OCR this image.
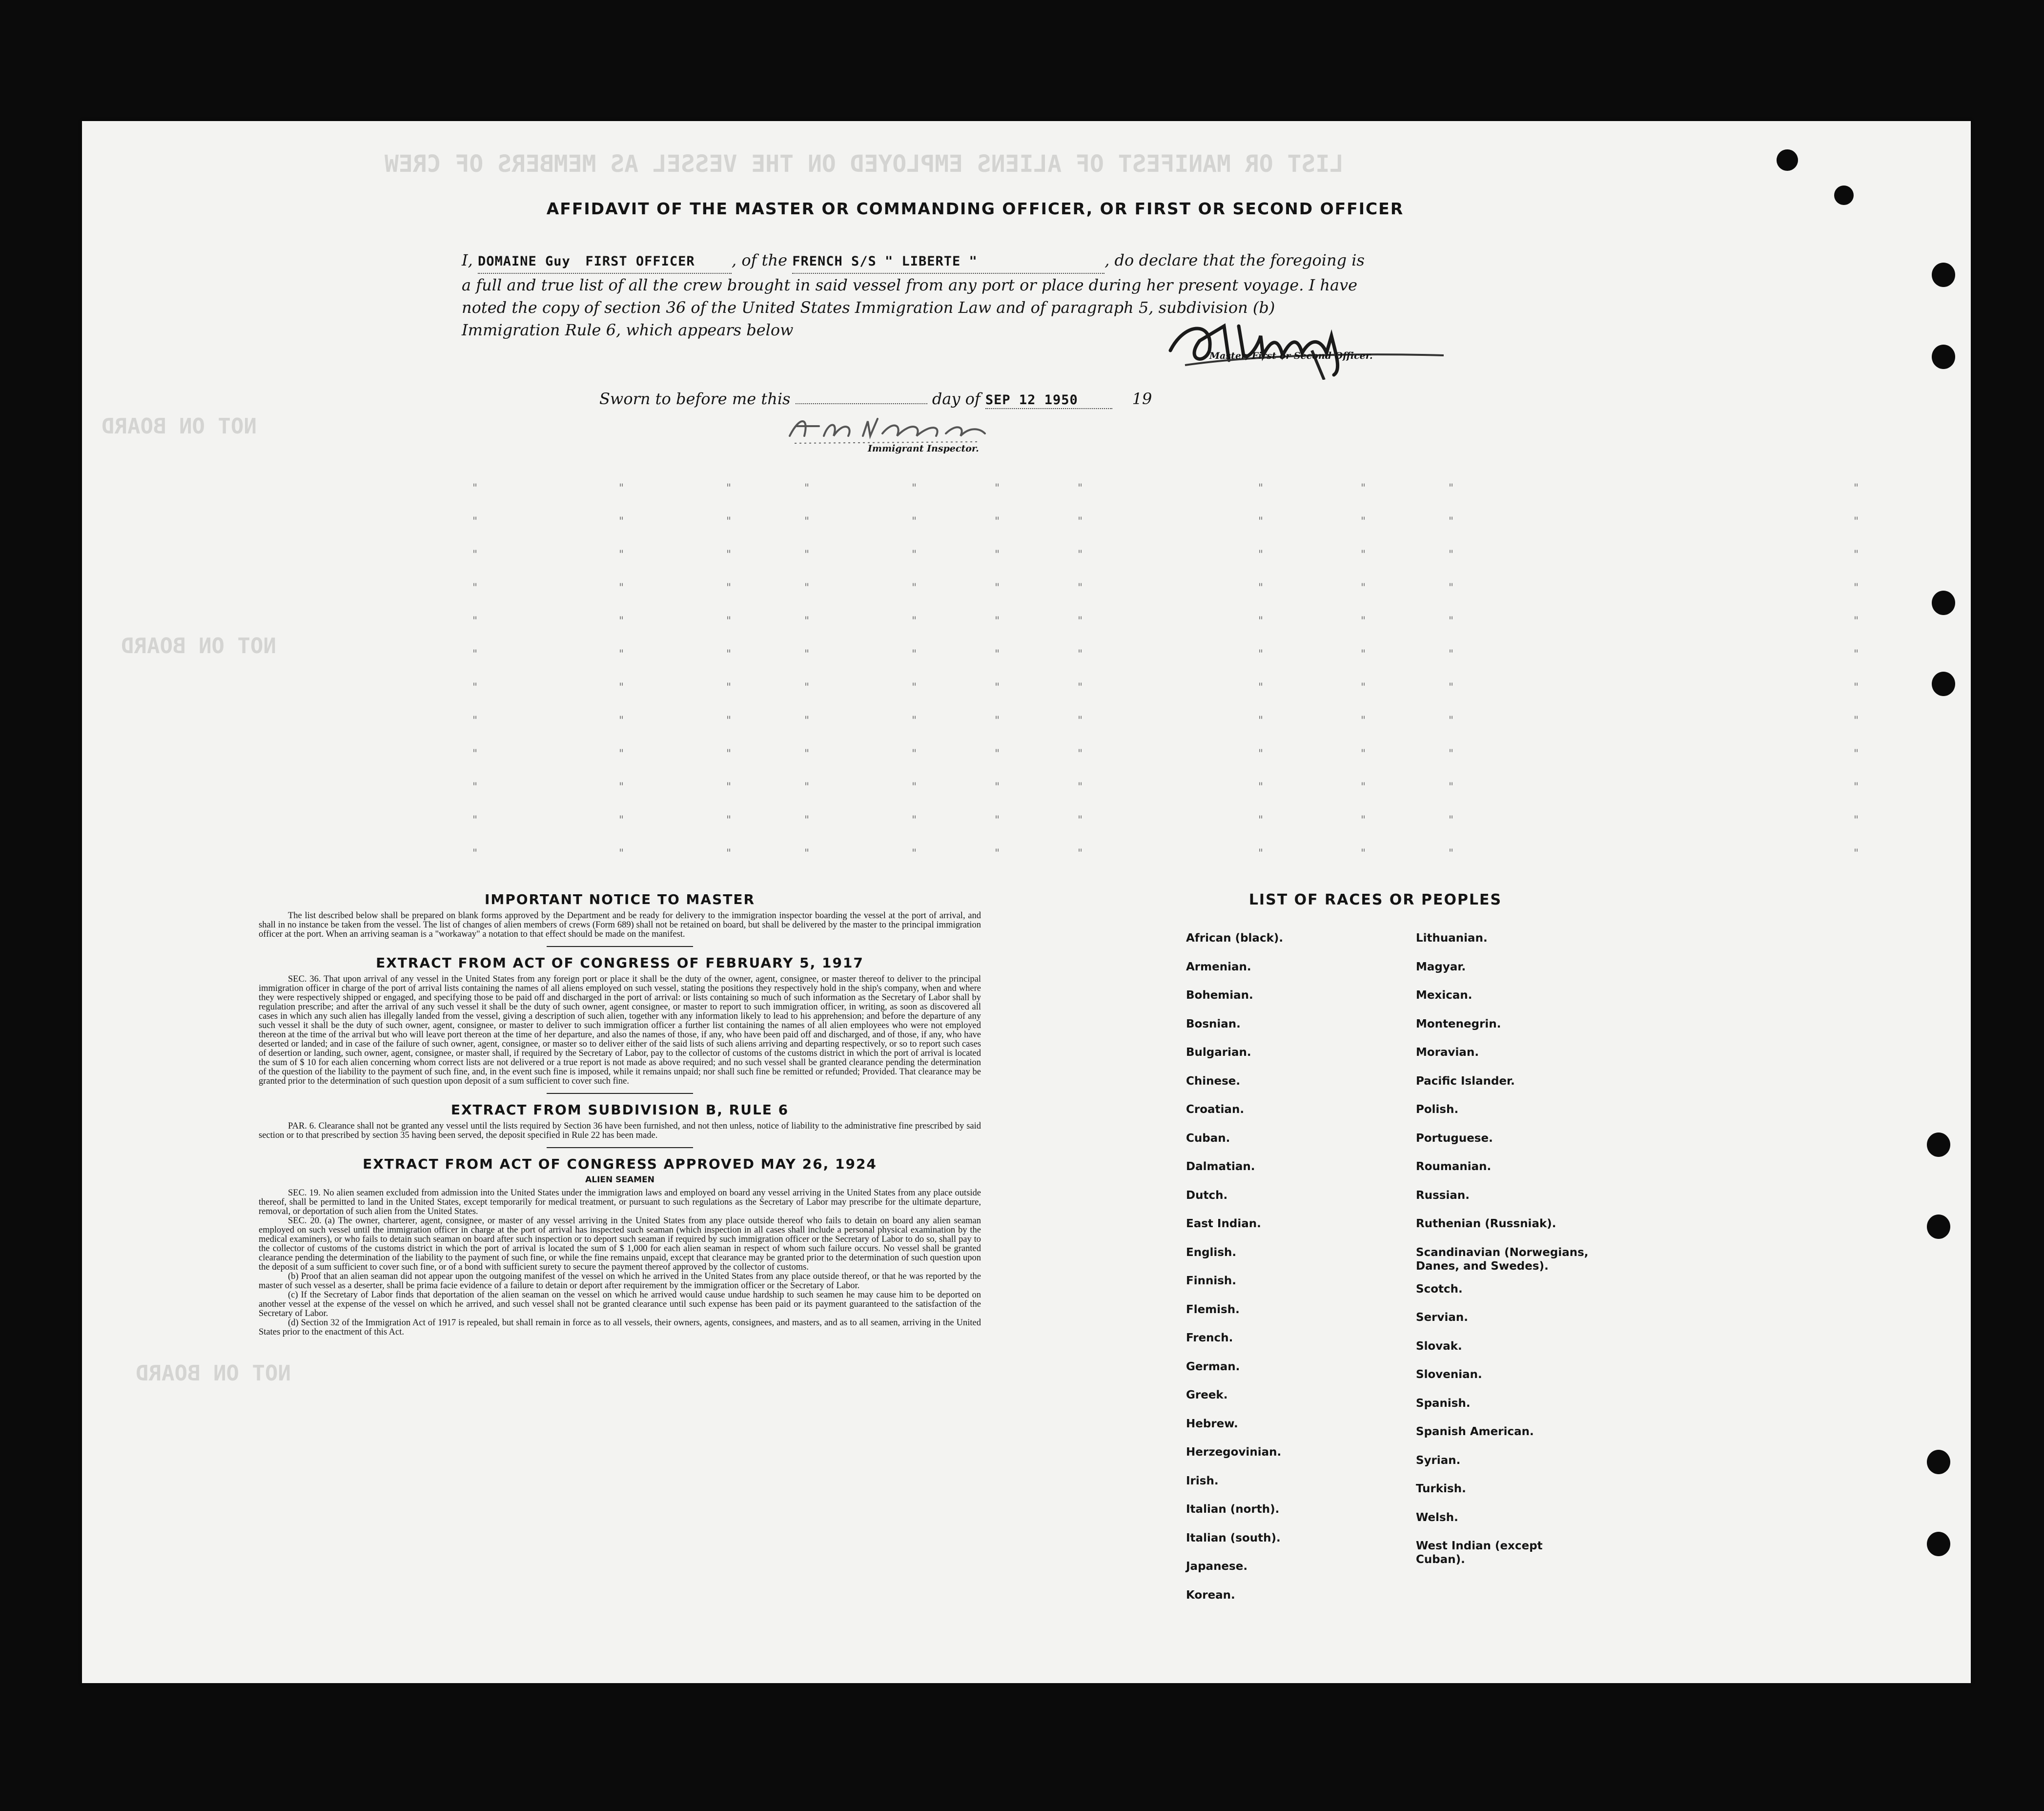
LIST OR MANIFEST OF ALIENS EMPLOYED ON THE VESSEL AS MEMBERS OF CREW
NOT ON BOARD
NOT ON BOARD
NOT ON BOARD
AFFIDAVIT OF THE MASTER OR COMMANDING OFFICER, OR FIRST OR SECOND OFFICER
I, DOMAINE Guy FIRST OFFICER , of the FRENCH S/S " LIBERTE "	, do declare that the foregoing is a full and true list of all the crew brought in said vessel from any port or place during her present voyage. I have noted the copy of section 36 of the United States Immigration Law and of paragraph 5, subdivision (b) Immigration Rule 6, which appears below
Master, First or Second Officer.
Sworn to before me this	day of SEP 12 1950	19
Immigrant Inspector.
"	"	"	"	"	"	"	"	"	"	"
"	"	"	"	"	"	"	"	"	"	"
"	"	"	"	"	"	"	"	"	"	"
"	"	"	"	"	"	"	"	"	"	"
"	"	"	"	"	"	"	"	"	"	"
"	"	"	"	"	"	"	"	"	"	"
"	"	"	"	"	"	"	"	"	"	"
"	"	"	"	"	"	"	"	"	"	"
"	"	"	"	"	"	"	"	"	"	"
"	"	"	"	"	"	"	"	"	"	"
"	"	"	"	"	"	"	"	"	"	"
"	"	"	"	"	"	"	"	"	"	"
IMPORTANT NOTICE TO MASTER

The list described below shall be prepared on blank forms approved by the Department and be ready for delivery to the immigration inspector boarding the vessel at the port of arrival, and shall in no instance be taken from the vessel. The list of changes of alien members of crews (Form 689) shall not be retained on board, but shall be delivered by the master to the principal immigration officer at the port. When an arriving seaman is a "workaway" a notation to that effect should be made on the manifest.

EXTRACT FROM ACT OF CONGRESS OF FEBRUARY 5, 1917

SEC. 36. That upon arrival of any vessel in the United States from any foreign port or place it shall be the duty of the owner, agent, consignee, or master thereof to deliver to the principal immigration officer in charge of the port of arrival lists containing the names of all aliens employed on such vessel, stating the positions they respectively hold in the ship's company, when and where they were respectively shipped or engaged, and specifying those to be paid off and discharged in the port of arrival: or lists containing so much of such information as the Secretary of Labor shall by regulation prescribe; and after the arrival of any such vessel it shall be the duty of such owner, agent consignee, or master to report to such immigration officer, in writing, as soon as discovered all cases in which any such alien has illegally landed from the vessel, giving a description of such alien, together with any information likely to lead to his apprehension; and before the departure of any such vessel it shall be the duty of such owner, agent, consignee, or master to deliver to such immigration officer a further list containing the names of all alien employees who were not employed thereon at the time of the arrival but who will leave port thereon at the time of her departure, and also the names of those, if any, who have been paid off and discharged, and of those, if any, who have deserted or landed; and in case of the failure of such owner, agent, consignee, or master so to deliver either of the said lists of such aliens arriving and departing respectively, or so to report such cases of desertion or landing, such owner, agent, consignee, or master shall, if required by the Secretary of Labor, pay to the collector of customs of the customs district in which the port of arrival is located the sum of $ 10 for each alien concerning whom correct lists are not delivered or a true report is not made as above required; and no such vessel shall be granted clearance pending the determination of the question of the liability to the payment of such fine, and, in the event such fine is imposed, while it remains unpaid; nor shall such fine be remitted or refunded; Provided. That clearance may be granted prior to the determination of such question upon deposit of a sum sufficient to cover such fine.

EXTRACT FROM SUBDIVISION B, RULE 6

PAR. 6. Clearance shall not be granted any vessel until the lists required by Section 36 have been furnished, and not then unless, notice of liability to the administrative fine prescribed by said section or to that prescribed by section 35 having been served, the deposit specified in Rule 22 has been made.

EXTRACT FROM ACT OF CONGRESS APPROVED MAY 26, 1924
ALIEN SEAMEN

SEC. 19. No alien seamen excluded from admission into the United States under the immigration laws and employed on board any vessel arriving in the United States from any place outside thereof, shall be permitted to land in the United States, except temporarily for medical treatment, or pursuant to such regulations as the Secretary of Labor may prescribe for the ultimate departure, removal, or deportation of such alien from the United States.

SEC. 20. (a) The owner, charterer, agent, consignee, or master of any vessel arriving in the United States from any place outside thereof who fails to detain on board any alien seaman employed on such vessel until the immigration officer in charge at the port of arrival has inspected such seaman (which inspection in all cases shall include a personal physical examination by the medical examiners), or who fails to detain such seaman on board after such inspection or to deport such seaman if required by such immigration officer or the Secretary of Labor to do so, shall pay to the collector of customs of the customs district in which the port of arrival is located the sum of $ 1,000 for each alien seaman in respect of whom such failure occurs. No vessel shall be granted clearance pending the determination of the liability to the payment of such fine, or while the fine remains unpaid, except that clearance may be granted prior to the determination of such question upon the deposit of a sum sufficient to cover such fine, or of a bond with sufficient surety to secure the payment thereof approved by the collector of customs.

(b) Proof that an alien seaman did not appear upon the outgoing manifest of the vessel on which he arrived in the United States from any place outside thereof, or that he was reported by the master of such vessel as a deserter, shall be prima facie evidence of a failure to detain or deport after requirement by the immigration officer or the Secretary of Labor.

(c) If the Secretary of Labor finds that deportation of the alien seaman on the vessel on which he arrived would cause undue hardship to such seamen he may cause him to be deported on another vessel at the expense of the vessel on which he arrived, and such vessel shall not be granted clearance until such expense has been paid or its payment guaranteed to the satisfaction of the Secretary of Labor.

(d) Section 32 of the Immigration Act of 1917 is repealed, but shall remain in force as to all vessels, their owners, agents, consignees, and masters, and as to all seamen, arriving in the United States prior to the enactment of this Act.

LIST OF RACES OR PEOPLES
African (black).
Armenian.
Bohemian.
Bosnian.
Bulgarian.
Chinese.
Croatian.
Cuban.
Dalmatian.
Dutch.
East Indian.
English.
Finnish.
Flemish.
French.
German.
Greek.
Hebrew.
Herzegovinian.
Irish.
Italian (north).
Italian (south).
Japanese.
Korean.
Lithuanian.
Magyar.
Mexican.
Montenegrin.
Moravian.
Pacific Islander.
Polish.
Portuguese.
Roumanian.
Russian.
Ruthenian (Russniak).
Scandinavian (Norwegians, Danes, and Swedes).
Scotch.
Servian.
Slovak.
Slovenian.
Spanish.
Spanish American.
Syrian.
Turkish.
Welsh.
West Indian (except Cuban).
